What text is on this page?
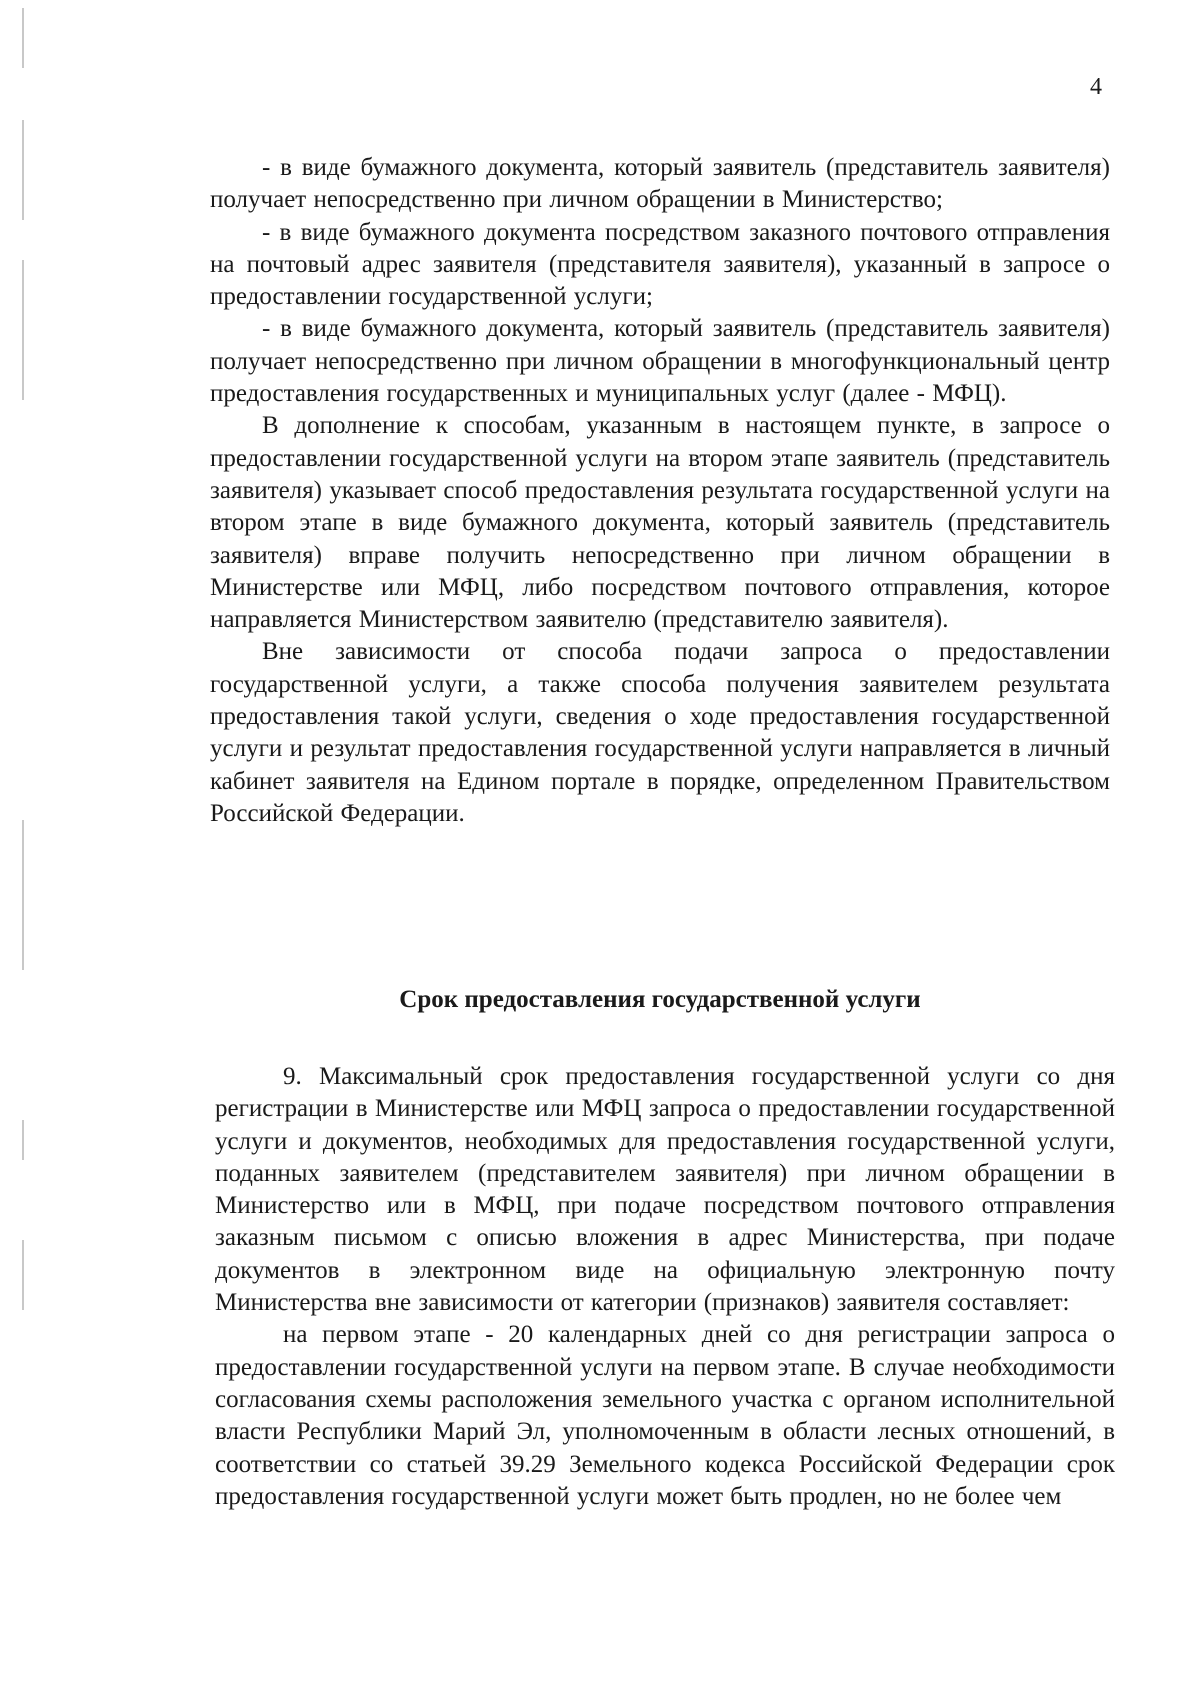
4

- в виде бумажного документа, который заявитель (представитель заявителя) получает непосредственно при личном обращении в Министерство;

- в виде бумажного документа посредством заказного почтового отправления на почтовый адрес заявителя (представителя заявителя), указанный в запросе о предоставлении государственной услуги;

- в виде бумажного документа, который заявитель (представитель заявителя) получает непосредственно при личном обращении в многофункциональный центр предоставления государственных и муниципальных услуг (далее - МФЦ).

В дополнение к способам, указанным в настоящем пункте, в запросе о предоставлении государственной услуги на втором этапе заявитель (представитель заявителя) указывает способ предоставления результата государственной услуги на втором этапе в виде бумажного документа, который заявитель (представитель заявителя) вправе получить непосредственно при личном обращении в Министерстве или МФЦ, либо посредством почтового отправления, которое направляется Министерством заявителю (представителю заявителя).

Вне зависимости от способа подачи запроса о предоставлении государственной услуги, а также способа получения заявителем результата предоставления такой услуги, сведения о ходе предоставления государственной услуги и результат предоставления государственной услуги направляется в личный кабинет заявителя на Едином портале в порядке, определенном Правительством Российской Федерации.

Срок предоставления государственной услуги

9. Максимальный срок предоставления государственной услуги со дня регистрации в Министерстве или МФЦ запроса о предоставлении государственной услуги и документов, необходимых для предоставления государственной услуги, поданных заявителем (представителем заявителя) при личном обращении в Министерство или в МФЦ, при подаче посредством почтового отправления заказным письмом с описью вложения в адрес Министерства, при подаче документов в электронном виде на официальную электронную почту Министерства вне зависимости от категории (признаков) заявителя составляет:

на первом этапе - 20 календарных дней со дня регистрации запроса о предоставлении государственной услуги на первом этапе. В случае необходимости согласования схемы расположения земельного участка с органом исполнительной власти Республики Марий Эл, уполномоченным в области лесных отношений, в соответствии со статьей 39.29 Земельного кодекса Российской Федерации срок предоставления государственной услуги может быть продлен, но не более чем
